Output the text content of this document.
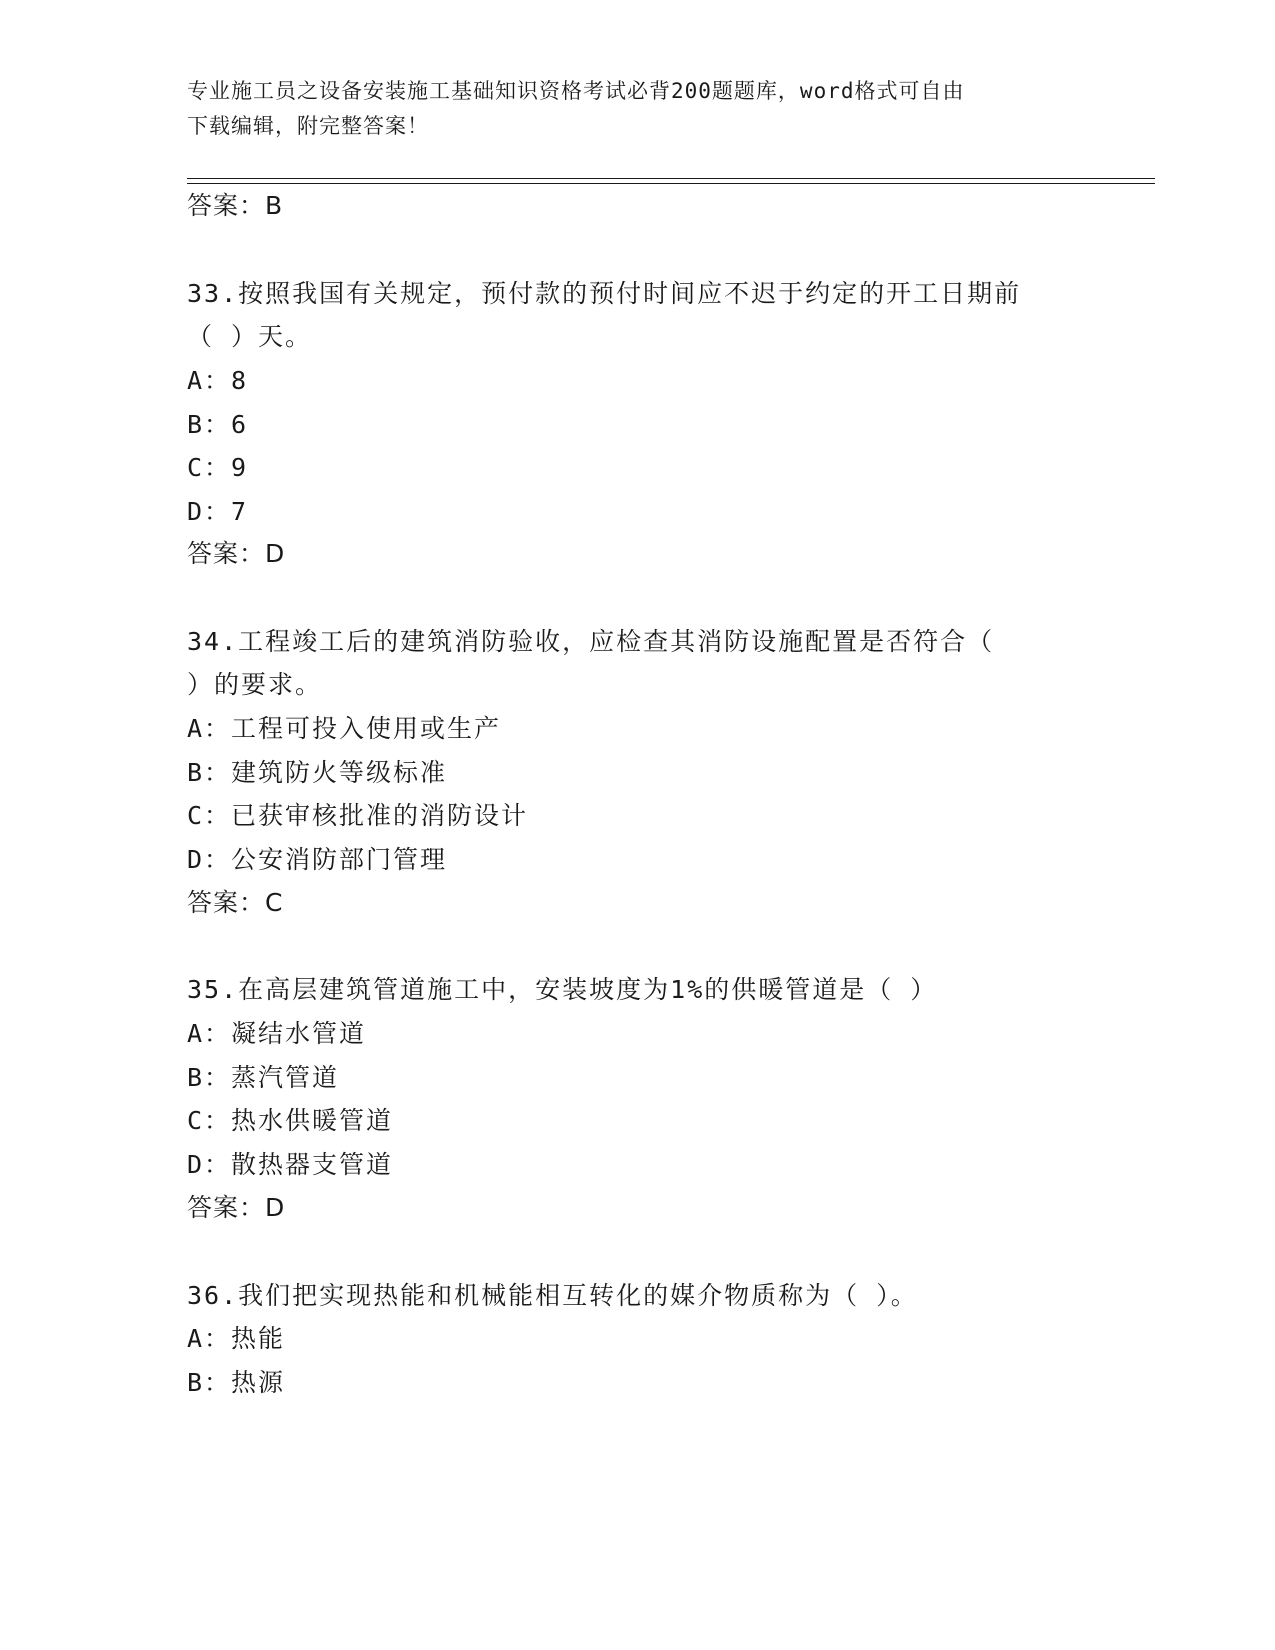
专业施工员之设备安装施工基础知识资格考试必背200题题库，word格式可自由
下载编辑，附完整答案！
答案：B
33.按照我国有关规定，预付款的预付时间应不迟于约定的开工日期前
（ ）天。
A：8
B：6
C：9
D：7
答案：D
34.工程竣工后的建筑消防验收，应检查其消防设施配置是否符合（
）的要求。
A：工程可投入使用或生产
B：建筑防火等级标准
C：已获审核批准的消防设计
D：公安消防部门管理
答案：C
35.在高层建筑管道施工中，安装坡度为1%的供暖管道是（ ）
A：凝结水管道
B：蒸汽管道
C：热水供暖管道
D：散热器支管道
答案：D
36.我们把实现热能和机械能相互转化的媒介物质称为（ ）。
A：热能
B：热源
